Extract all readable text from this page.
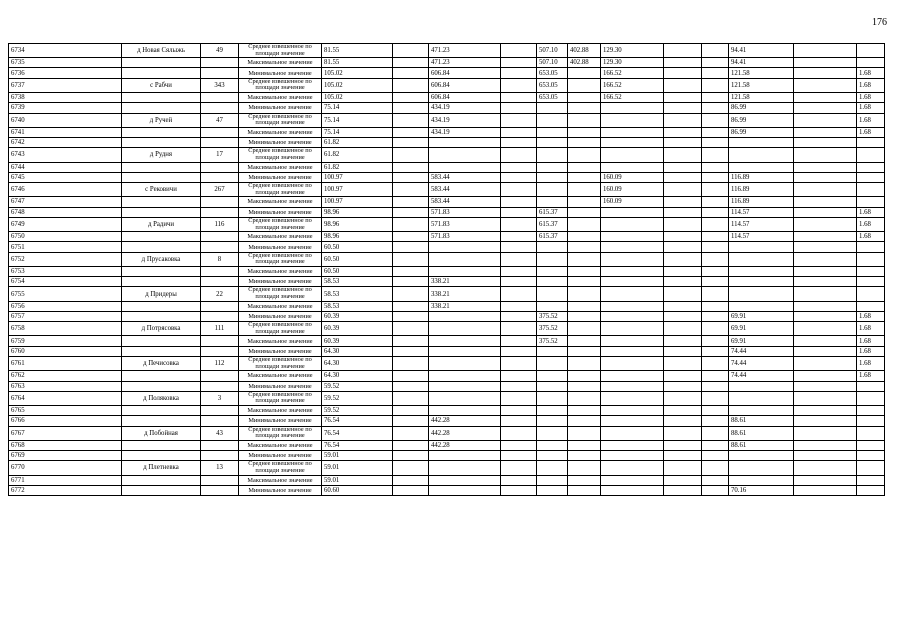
176
6734	д Новая Сялыжь	49	Среднее взвешенное по площади значение	81.55		471.23		507.10	402.88	129.30			94.41			
6735			Максимальное значение	81.55		471.23		507.10	402.88	129.30			94.41			
6736			Минимальное значение	105.02		606.84		653.05		166.52			121.58		1.68	
6737	с Рабчи	343	Среднее взвешенное по площади значение	105.02		606.84		653.05		166.52			121.58		1.68	
6738			Максимальное значение	105.02		606.84		653.05		166.52			121.58		1.68	
6739			Минимальное значение	75.14		434.19							86.99		1.68	
6740	д Ручей	47	Среднее взвешенное по площади значение	75.14		434.19							86.99		1.68	
6741			Максимальное значение	75.14		434.19							86.99		1.68	
6742			Минимальное значение	61.82												
6743	д Рудня	17	Среднее взвешенное по площади значение	61.82												
6744			Максимальное значение	61.82												
6745			Минимальное значение	100.97		583.44				160.09			116.89			
6746	с Рековичи	267	Среднее взвешенное по площади значение	100.97		583.44				160.09			116.89			
6747			Максимальное значение	100.97		583.44				160.09			116.89			
6748			Минимальное значение	98.96		571.83		615.37					114.57		1.68	
6749	д Радичи	116	Среднее взвешенное по площади значение	98.96		571.83		615.37					114.57		1.68	
6750			Максимальное значение	98.96		571.83		615.37					114.57		1.68	
6751			Минимальное значение	60.50												
6752	д Прусаковка	8	Среднее взвешенное по площади значение	60.50												
6753			Максимальное значение	60.50												
6754			Минимальное значение	58.53		338.21										
6755	д Придеры	22	Среднее взвешенное по площади значение	58.53		338.21										
6756			Максимальное значение	58.53		338.21										
6757			Минимальное значение	60.39				375.52					69.91		1.68	
6758	д Потрясовка	111	Среднее взвешенное по площади значение	60.39				375.52					69.91		1.68	
6759			Максимальное значение	60.39				375.52					69.91		1.68	
6760			Минимальное значение	64.30									74.44		1.68	
6761	д Печисовка	112	Среднее взвешенное по площади значение	64.30									74.44		1.68	
6762			Максимальное значение	64.30									74.44		1.68	
6763			Минимальное значение	59.52												
6764	д Поляковка	3	Среднее взвешенное по площади значение	59.52												
6765			Максимальное значение	59.52												
6766			Минимальное значение	76.54		442.28							88.61			
6767	д Побойная	43	Среднее взвешенное по площади значение	76.54		442.28							88.61			
6768			Максимальное значение	76.54		442.28							88.61			
6769			Минимальное значение	59.01												
6770	д Плетневка	13	Среднее взвешенное по площади значение	59.01												
6771			Максимальное значение	59.01												
6772			Минимальное значение	60.60									70.16			
